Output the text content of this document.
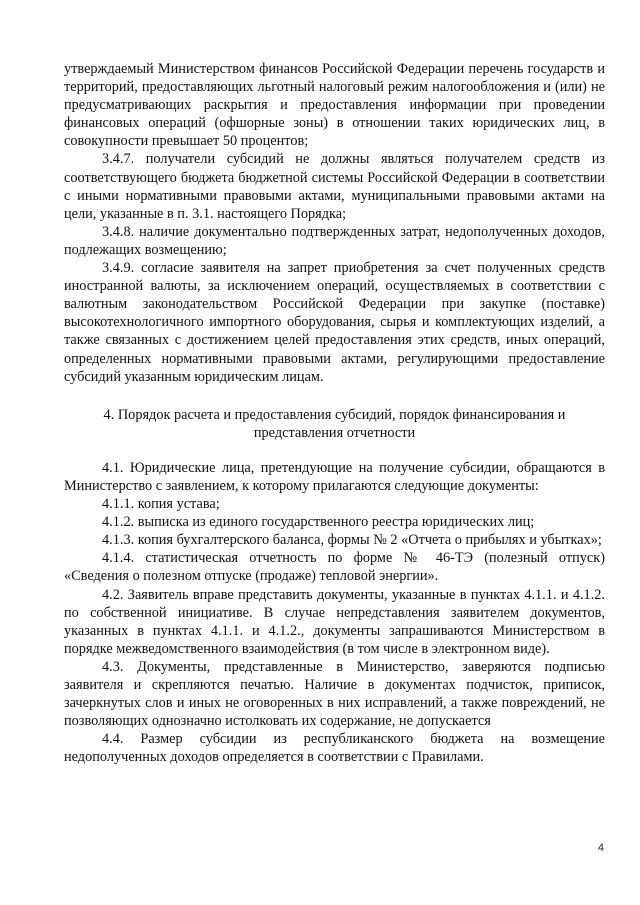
утверждаемый Министерством финансов Российской Федерации перечень государств и территорий, предоставляющих льготный налоговый режим налогообложения и (или) не предусматривающих раскрытия и предоставления информации при проведении финансовых операций (офшорные зоны) в отношении таких юридических лиц, в совокупности превышает 50 процентов;

3.4.7. получатели субсидий не должны являться получателем средств из соответствующего бюджета бюджетной системы Российской Федерации в соответствии с иными нормативными правовыми актами, муниципальными правовыми актами на цели, указанные в п. 3.1. настоящего Порядка;

3.4.8. наличие документально подтвержденных затрат, недополученных доходов, подлежащих возмещению;

3.4.9. согласие заявителя на запрет приобретения за счет полученных средств иностранной валюты, за исключением операций, осуществляемых в соответствии с валютным законодательством Российской Федерации при закупке (поставке) высокотехнологичного импортного оборудования, сырья и комплектующих изделий, а также связанных с достижением целей предоставления этих средств, иных операций, определенных нормативными правовыми актами, регулирующими предоставление субсидий указанным юридическим лицам.

4. Порядок расчета и предоставления субсидий, порядок финансирования и представления отчетности

4.1. Юридические лица, претендующие на получение субсидии, обращаются в Министерство с заявлением, к которому прилагаются следующие документы:

4.1.1. копия устава;

4.1.2. выписка из единого государственного реестра юридических лиц;

4.1.3. копия бухгалтерского баланса, формы № 2 «Отчета о прибылях и убытках»;

4.1.4. статистическая отчетность по форме № 46-ТЭ (полезный отпуск) «Сведения о полезном отпуске (продаже) тепловой энергии».

4.2. Заявитель вправе представить документы, указанные в пунктах 4.1.1. и 4.1.2. по собственной инициативе. В случае непредставления заявителем документов, указанных в пунктах 4.1.1. и 4.1.2., документы запрашиваются Министерством в порядке межведомственного взаимодействия (в том числе в электронном виде).

4.3. Документы, представленные в Министерство, заверяются подписью заявителя и скрепляются печатью. Наличие в документах подчисток, приписок, зачеркнутых слов и иных не оговоренных в них исправлений, а также повреждений, не позволяющих однозначно истолковать их содержание, не допускается

4.4. Размер субсидии из республиканского бюджета на возмещение недополученных доходов определяется в соответствии с Правилами.

4
